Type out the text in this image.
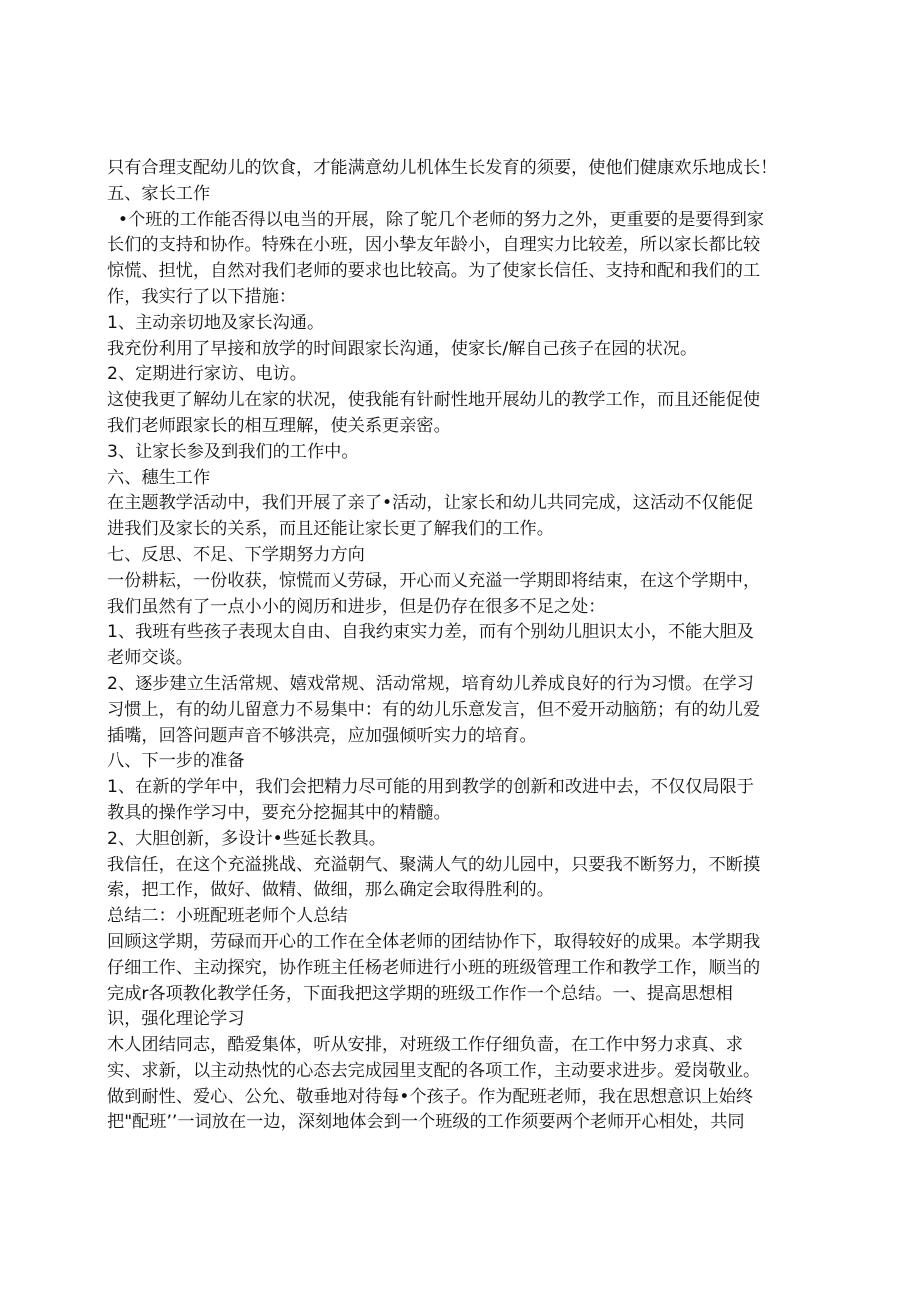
只有合理支配幼儿的饮食，才能满意幼儿机体生长发育的须要，使他们健康欢乐地成长！
五、家长工作
•个班的工作能否得以电当的开展，除了鸵几个老师的努力之外，更重要的是要得到家
长们的支持和协作。特殊在小班，因小挚友年龄小，自理实力比较差，所以家长都比较
惊慌、担忧，自然对我们老师的要求也比较高。为了使家长信任、支持和配和我们的工
作，我实行了以下措施：
1、主动亲切地及家长沟通。
我充份利用了早接和放学的时间跟家长沟通，使家长/解自己孩子在园的状况。
2、定期进行家访、电访。
这使我更了解幼儿在家的状况，使我能有针耐性地开展幼儿的教学工作，而且还能促使
我们老师跟家长的相互理解，使关系更亲密。
3、让家长参及到我们的工作中。
六、穗生工作
在主题教学活动中，我们开展了亲了•活动，让家长和幼儿共同完成，这活动不仅能促
进我们及家长的关系，而且还能让家长更了解我们的工作。
七、反思、不足、下学期努力方向
一份耕耘，一份收获，惊慌而乂劳碌，开心而乂充溢一学期即将结束，在这个学期中，
我们虽然有了一点小小的阅历和进步，但是仍存在很多不足之处：
1、我班有些孩子表现太自由、自我约束实力差，而有个别幼儿胆识太小，不能大胆及
老师交谈。
2、逐步建立生活常规、嬉戏常规、活动常规，培育幼儿养成良好的行为习惯。在学习
习惯上，有的幼儿留意力不易集中：有的幼儿乐意发言，但不爱开动脑筋；有的幼儿爱
插嘴，回答问题声音不够洪亮，应加强倾听实力的培育。
八、下一步的准备
1、在新的学年中，我们会把精力尽可能的用到教学的创新和改进中去，不仅仅局限于
教具的操作学习中，要充分挖掘其中的精髓。
2、大胆创新，多设计•些延长教具。
我信任，在这个充溢挑战、充溢朝气、聚满人气的幼儿园中，只要我不断努力，不断摸
索，把工作，做好、做精、做细，那么确定会取得胜利的。
总结二：小班配班老师个人总结
回顾这学期，劳碌而开心的工作在全体老师的团结协作下，取得较好的成果。本学期我
仔细工作、主动探究，协作班主任杨老师进行小班的班级管理工作和教学工作，顺当的
完成r各项教化教学任务，下面我把这学期的班级工作作一个总结。一、提高思想相
识，强化理论学习
木人团结同志，酷爱集体，听从安排，对班级工作仔细负啬，在工作中努力求真、求
实、求新，以主动热忱的心态去完成园里支配的各项工作，主动要求进步。爱岗敬业。
做到耐性、爱心、公允、敬垂地对待每•个孩子。作为配班老师，我在思想意识上始终
把"配班’’一词放在一边，深刻地体会到一个班级的工作须要两个老师开心相处，共同
